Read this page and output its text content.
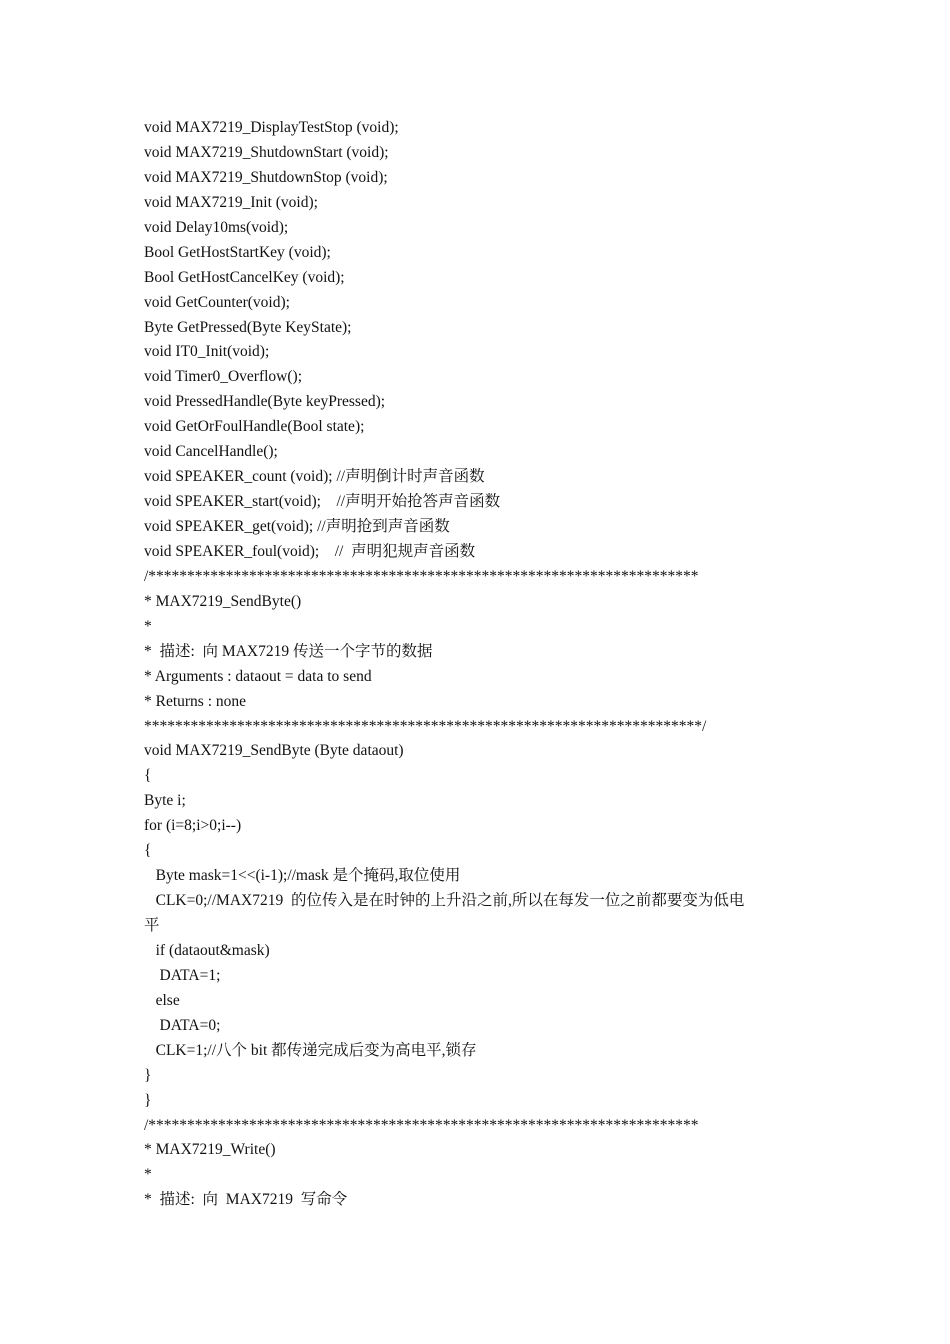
void MAX7219_DisplayTestStop (void);
void MAX7219_ShutdownStart (void);
void MAX7219_ShutdownStop (void);
void MAX7219_Init (void);
void Delay10ms(void);
Bool GetHostStartKey (void);
Bool GetHostCancelKey (void);
void GetCounter(void);
Byte GetPressed(Byte KeyState);
void IT0_Init(void);
void Timer0_Overflow();
void PressedHandle(Byte keyPressed);
void GetOrFoulHandle(Bool state);
void CancelHandle();
void SPEAKER_count (void); //声明倒计时声音函数
void SPEAKER_start(void);    //声明开始抢答声音函数
void SPEAKER_get(void); //声明抢到声音函数
void SPEAKER_foul(void);    //  声明犯规声音函数
/***********************************************************************
* MAX7219_SendByte()
*
*  描述:  向 MAX7219 传送一个字节的数据
* Arguments : dataout = data to send
* Returns : none
************************************************************************/
void MAX7219_SendByte (Byte dataout)
{
Byte i;
for (i=8;i>0;i--)
{
Byte mask=1<<(i-1);//mask 是个掩码,取位使用
CLK=0;//MAX7219  的位传入是在时钟的上升沿之前,所以在每发一位之前都要变为低电
平
if (dataout&mask)
DATA=1;
else
DATA=0;
CLK=1;//八个 bit 都传递完成后变为高电平,锁存
}
}
/***********************************************************************
* MAX7219_Write()
*
*  描述:  向  MAX7219  写命令
